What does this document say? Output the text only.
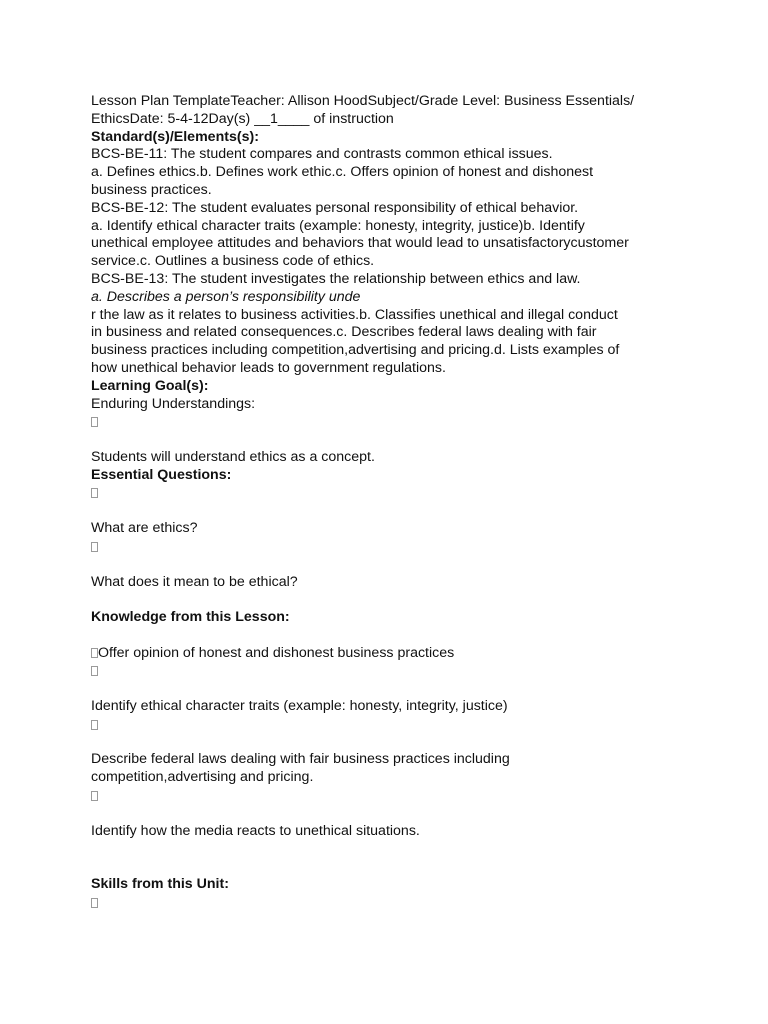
Lesson Plan TemplateTeacher: Allison HoodSubject/Grade Level: Business Essentials/
EthicsDate: 5-4-12Day(s) __1____ of instruction
Standard(s)/Elements(s):
BCS-BE-11: The student compares and contrasts common ethical issues.
a. Defines ethics.b. Defines work ethic.c. Offers opinion of honest and dishonest
business practices.
BCS-BE-12: The student evaluates personal responsibility of ethical behavior.
a. Identify ethical character traits (example: honesty, integrity, justice)b. Identify
unethical employee attitudes and behaviors that would lead to unsatisfactorycustomer
service.c. Outlines a business code of ethics.
BCS-BE-13: The student investigates the relationship between ethics and law.
a. Describes a person’s responsibility unde
r the law as it relates to business activities.b. Classifies unethical and illegal conduct
in business and related consequences.c. Describes federal laws dealing with fair
business practices including competition,advertising and pricing.d. Lists examples of
how unethical behavior leads to government regulations.
Learning Goal(s):
Enduring Understandings:
Students will understand ethics as a concept.
Essential Questions:
What are ethics?
What does it mean to be ethical?
Knowledge from this Lesson:
Offer opinion of honest and dishonest business practices
Identify ethical character traits (example: honesty, integrity, justice)
Describe federal laws dealing with fair business practices including
competition,advertising and pricing.
Identify how the media reacts to unethical situations.
Skills from this Unit:
